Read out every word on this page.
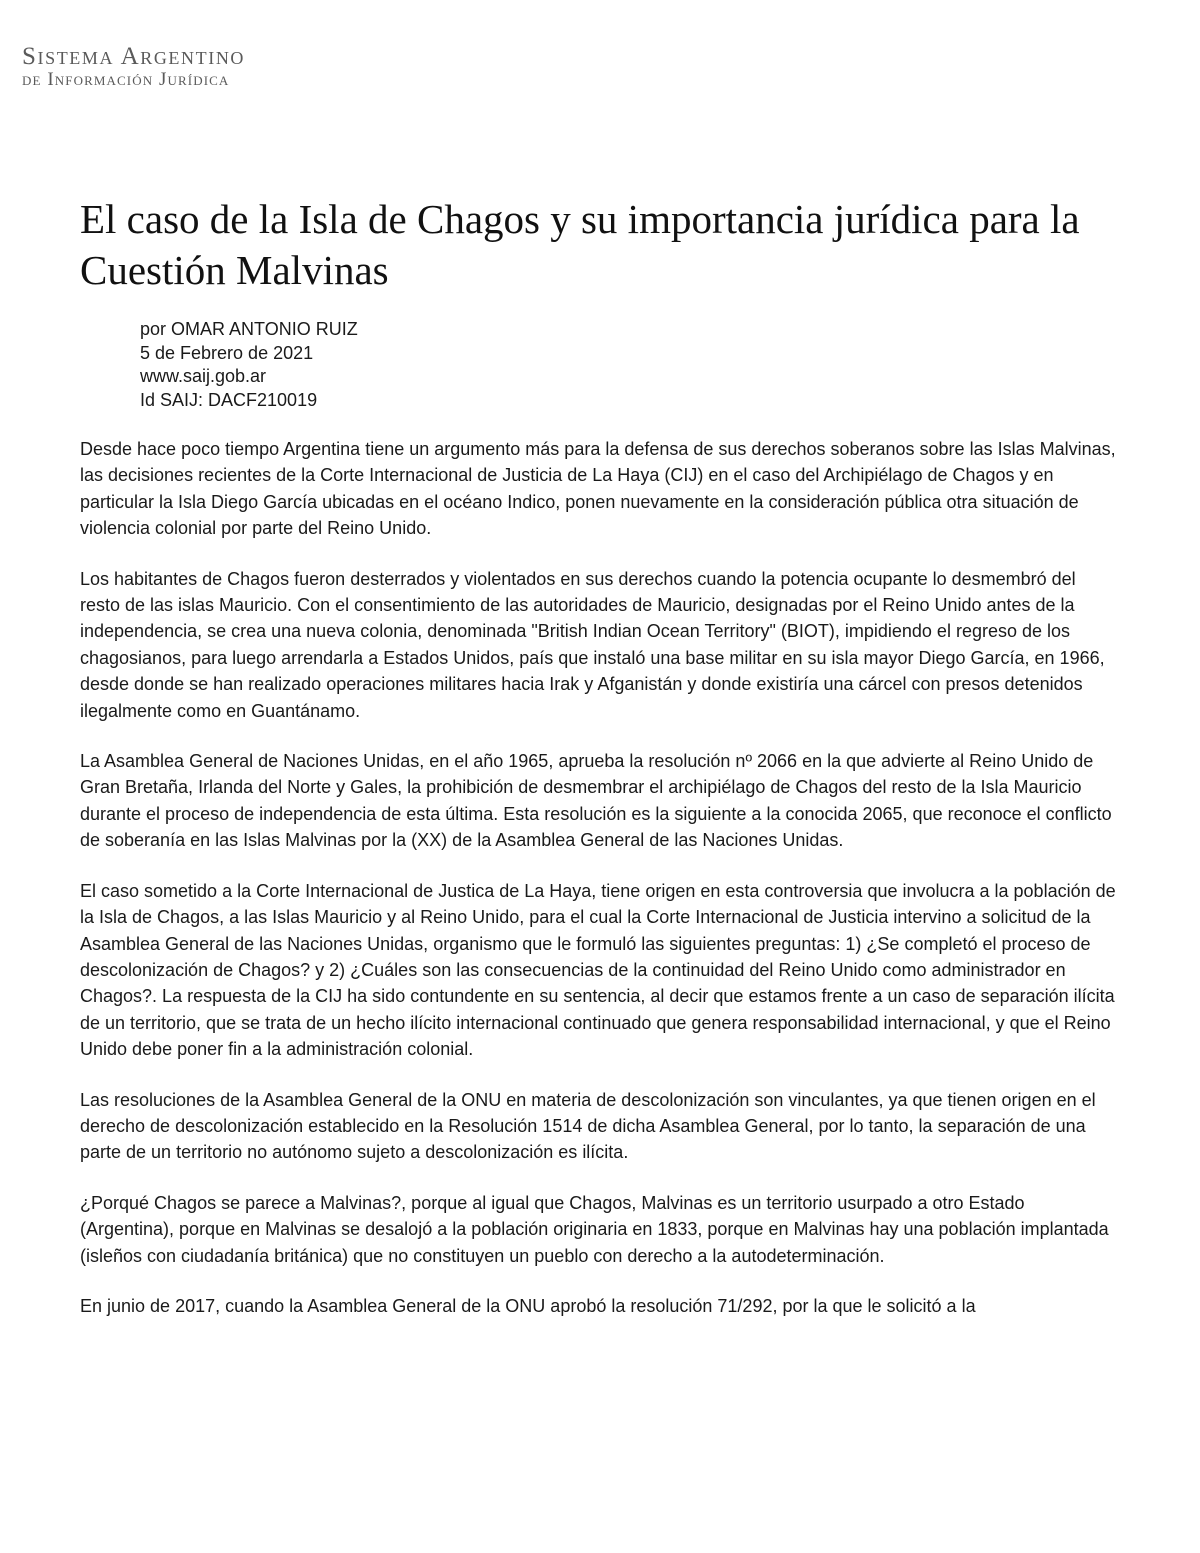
Sistema Argentino
de Información Jurídica
El caso de la Isla de Chagos y su importancia jurídica para la Cuestión Malvinas
por OMAR ANTONIO RUIZ
5 de Febrero de 2021
www.saij.gob.ar
Id SAIJ: DACF210019

Desde hace poco tiempo Argentina tiene un argumento más para la defensa de sus derechos soberanos sobre las Islas Malvinas, las decisiones recientes de la Corte Internacional de Justicia de La Haya (CIJ) en el caso del Archipiélago de Chagos y en particular la Isla Diego García ubicadas en el océano Indico, ponen nuevamente en la consideración pública otra situación de violencia colonial por parte del Reino Unido.

Los habitantes de Chagos fueron desterrados y violentados en sus derechos cuando la potencia ocupante lo desmembró del resto de las islas Mauricio. Con el consentimiento de las autoridades de Mauricio, designadas por el Reino Unido antes de la independencia, se crea una nueva colonia, denominada "British Indian Ocean Territory" (BIOT), impidiendo el regreso de los chagosianos, para luego arrendarla a Estados Unidos, país que instaló una base militar en su isla mayor Diego García, en 1966, desde donde se han realizado operaciones militares hacia Irak y Afganistán y donde existiría una cárcel con presos detenidos ilegalmente como en Guantánamo.

La Asamblea General de Naciones Unidas, en el año 1965, aprueba la resolución nº 2066 en la que advierte al Reino Unido de Gran Bretaña, Irlanda del Norte y Gales, la prohibición de desmembrar el archipiélago de Chagos del resto de la Isla Mauricio durante el proceso de independencia de esta última. Esta resolución es la siguiente a la conocida 2065, que reconoce el conflicto de soberanía en las Islas Malvinas por la (XX) de la Asamblea General de las Naciones Unidas.

El caso sometido a la Corte Internacional de Justica de La Haya, tiene origen en esta controversia que involucra a la población de la Isla de Chagos, a las Islas Mauricio y al Reino Unido, para el cual la Corte Internacional de Justicia intervino a solicitud de la Asamblea General de las Naciones Unidas, organismo que le formuló las siguientes preguntas: 1) ¿Se completó el proceso de descolonización de Chagos? y 2) ¿Cuáles son las consecuencias de la continuidad del Reino Unido como administrador en Chagos?. La respuesta de la CIJ ha sido contundente en su sentencia, al decir que estamos frente a un caso de separación ilícita de un territorio, que se trata de un hecho ilícito internacional continuado que genera responsabilidad internacional, y que el Reino Unido debe poner fin a la administración colonial.

Las resoluciones de la Asamblea General de la ONU en materia de descolonización son vinculantes, ya que tienen origen en el derecho de descolonización establecido en la Resolución 1514 de dicha Asamblea General, por lo tanto, la separación de una parte de un territorio no autónomo sujeto a descolonización es ilícita.

¿Porqué Chagos se parece a Malvinas?, porque al igual que Chagos, Malvinas es un territorio usurpado a otro Estado (Argentina), porque en Malvinas se desalojó a la población originaria en 1833, porque en Malvinas hay una población implantada (isleños con ciudadanía británica) que no constituyen un pueblo con derecho a la autodeterminación.

En junio de 2017, cuando la Asamblea General de la ONU aprobó la resolución 71/292, por la que le solicitó a la
